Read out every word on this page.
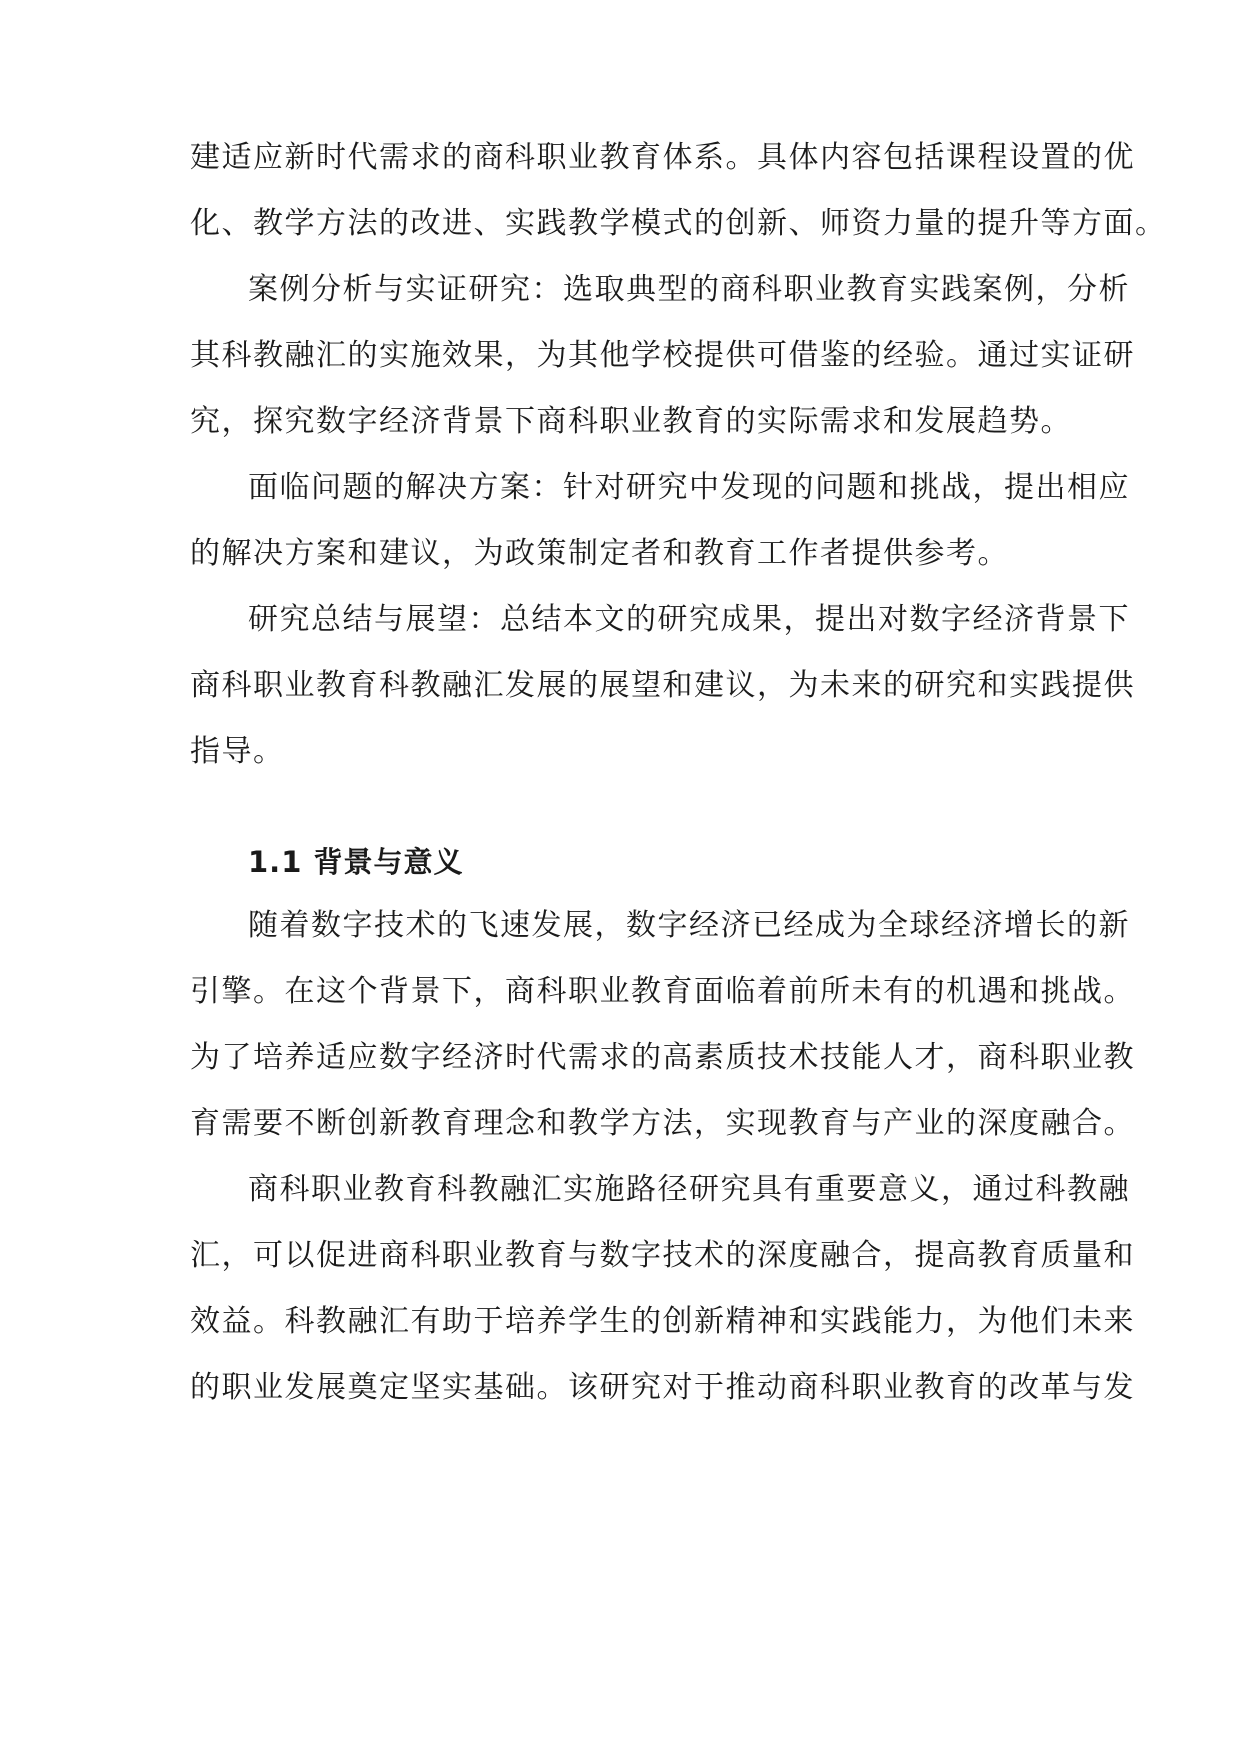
建适应新时代需求的商科职业教育体系。具体内容包括课程设置的优
化、教学方法的改进、实践教学模式的创新、师资力量的提升等方面。
案例分析与实证研究：选取典型的商科职业教育实践案例，分析
其科教融汇的实施效果，为其他学校提供可借鉴的经验。通过实证研
究，探究数字经济背景下商科职业教育的实际需求和发展趋势。
面临问题的解决方案：针对研究中发现的问题和挑战，提出相应
的解决方案和建议，为政策制定者和教育工作者提供参考。
研究总结与展望：总结本文的研究成果，提出对数字经济背景下
商科职业教育科教融汇发展的展望和建议，为未来的研究和实践提供
指导。
1.1 背景与意义
随着数字技术的飞速发展，数字经济已经成为全球经济增长的新
引擎。在这个背景下，商科职业教育面临着前所未有的机遇和挑战。
为了培养适应数字经济时代需求的高素质技术技能人才，商科职业教
育需要不断创新教育理念和教学方法，实现教育与产业的深度融合。
商科职业教育科教融汇实施路径研究具有重要意义，通过科教融
汇，可以促进商科职业教育与数字技术的深度融合，提高教育质量和
效益。科教融汇有助于培养学生的创新精神和实践能力，为他们未来
的职业发展奠定坚实基础。该研究对于推动商科职业教育的改革与发
